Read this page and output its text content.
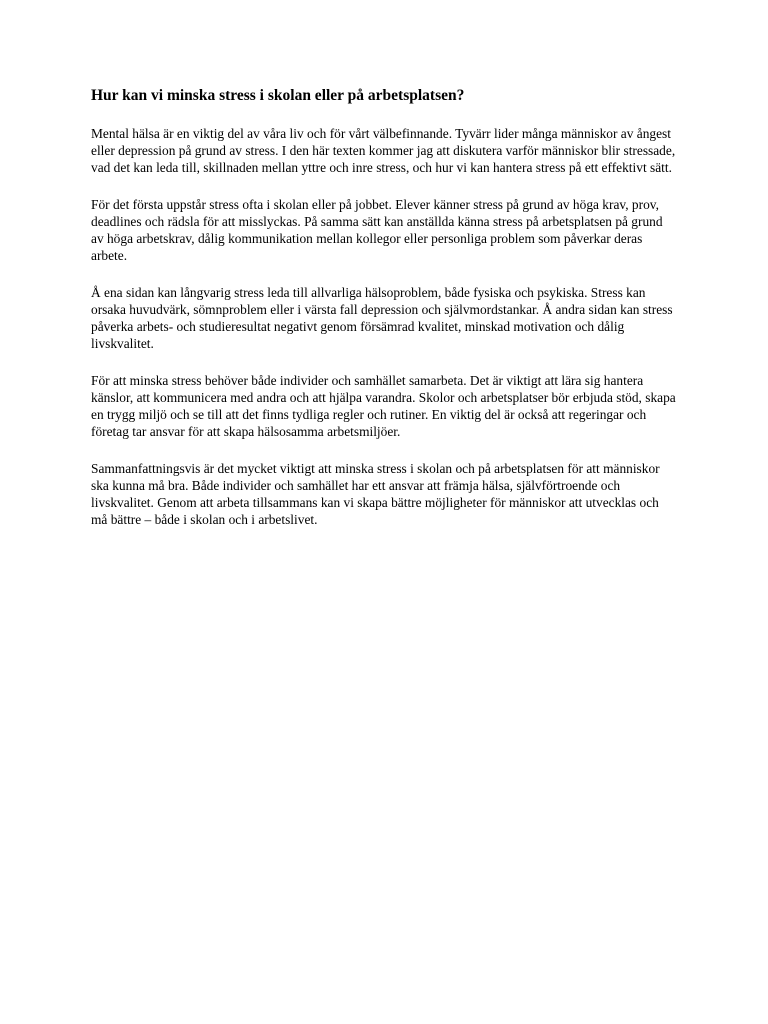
Hur kan vi minska stress i skolan eller på arbetsplatsen?

Mental hälsa är en viktig del av våra liv och för vårt välbefinnande. Tyvärr lider många människor av ångest eller depression på grund av stress. I den här texten kommer jag att diskutera varför människor blir stressade, vad det kan leda till, skillnaden mellan yttre och inre stress, och hur vi kan hantera stress på ett effektivt sätt.

För det första uppstår stress ofta i skolan eller på jobbet. Elever känner stress på grund av höga krav, prov, deadlines och rädsla för att misslyckas. På samma sätt kan anställda känna stress på arbetsplatsen på grund av höga arbetskrav, dålig kommunikation mellan kollegor eller personliga problem som påverkar deras arbete.

Å ena sidan kan långvarig stress leda till allvarliga hälsoproblem, både fysiska och psykiska. Stress kan orsaka huvudvärk, sömnproblem eller i värsta fall depression och självmordstankar. Å andra sidan kan stress påverka arbets- och studieresultat negativt genom försämrad kvalitet, minskad motivation och dålig livskvalitet.

För att minska stress behöver både individer och samhället samarbeta. Det är viktigt att lära sig hantera känslor, att kommunicera med andra och att hjälpa varandra. Skolor och arbetsplatser bör erbjuda stöd, skapa en trygg miljö och se till att det finns tydliga regler och rutiner. En viktig del är också att regeringar och företag tar ansvar för att skapa hälsosamma arbetsmiljöer.

Sammanfattningsvis är det mycket viktigt att minska stress i skolan och på arbetsplatsen för att människor ska kunna må bra. Både individer och samhället har ett ansvar att främja hälsa, självförtroende och livskvalitet. Genom att arbeta tillsammans kan vi skapa bättre möjligheter för människor att utvecklas och må bättre – både i skolan och i arbetslivet.
